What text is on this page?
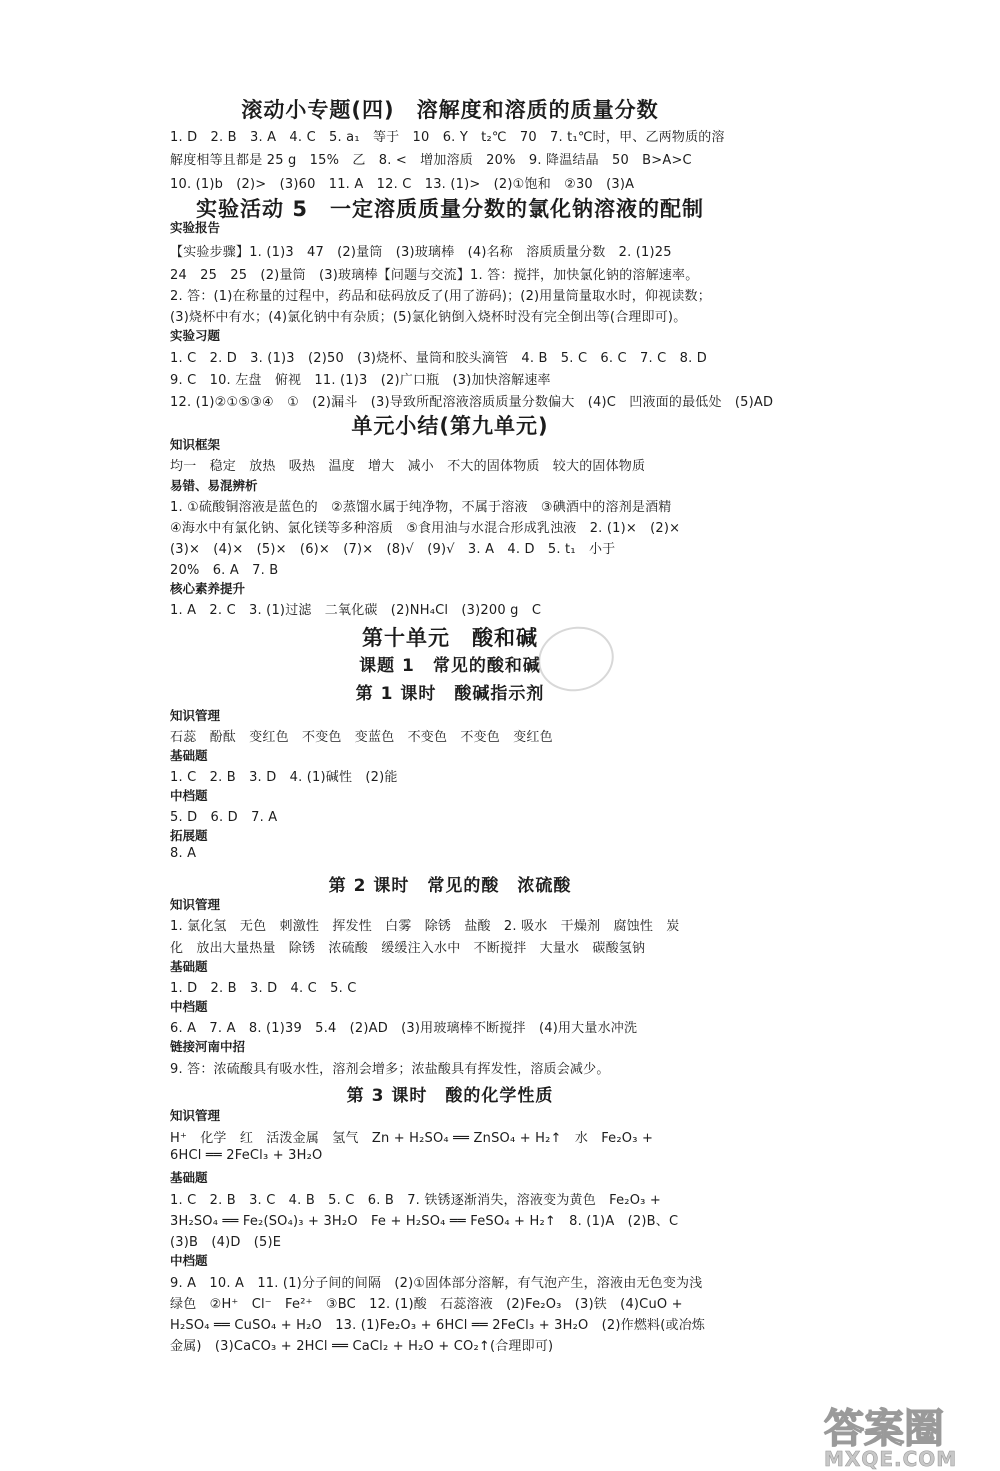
滚动小专题(四)　溶解度和溶质的质量分数
1. D　2. B　3. A　4. C　5. a₁　等于　10　6. Y　t₂℃　70　7. t₁℃时，甲、乙两物质的溶
解度相等且都是 25 g　15%　乙　8. <　增加溶质　20%　9. 降温结晶　50　B>A>C
10. (1)b　(2)>　(3)60　11. A　12. C　13. (1)>　(2)①饱和　②30　(3)A
实验活动 5　一定溶质质量分数的氯化钠溶液的配制
实验报告
【实验步骤】1. (1)3　47　(2)量筒　(3)玻璃棒　(4)名称　溶质质量分数　2. (1)25
24　25　25　(2)量筒　(3)玻璃棒【问题与交流】1. 答：搅拌，加快氯化钠的溶解速率。
2. 答：(1)在称量的过程中，药品和砝码放反了(用了游码)；(2)用量筒量取水时，仰视读数；
(3)烧杯中有水；(4)氯化钠中有杂质；(5)氯化钠倒入烧杯时没有完全倒出等(合理即可)。
实验习题
1. C　2. D　3. (1)3　(2)50　(3)烧杯、量筒和胶头滴管　4. B　5. C　6. C　7. C　8. D
9. C　10. 左盘　俯视　11. (1)3　(2)广口瓶　(3)加快溶解速率
12. (1)②①⑤③④　①　(2)漏斗　(3)导致所配溶液溶质质量分数偏大　(4)C　凹液面的最低处　(5)AD
单元小结(第九单元)
知识框架
均一　稳定　放热　吸热　温度　增大　减小　不大的固体物质　较大的固体物质
易错、易混辨析
1. ①硫酸铜溶液是蓝色的　②蒸馏水属于纯净物，不属于溶液　③碘酒中的溶剂是酒精
④海水中有氯化钠、氯化镁等多种溶质　⑤食用油与水混合形成乳浊液　2. (1)×　(2)×
(3)×　(4)×　(5)×　(6)×　(7)×　(8)√　(9)√　3. A　4. D　5. t₁　小于
20%　6. A　7. B
核心素养提升
1. A　2. C　3. (1)过滤　二氧化碳　(2)NH₄Cl　(3)200 g　C
第十单元　酸和碱
课题 1　常见的酸和碱
第 1 课时　酸碱指示剂
知识管理
石蕊　酚酞　变红色　不变色　变蓝色　不变色　不变色　变红色
基础题
1. C　2. B　3. D　4. (1)碱性　(2)能
中档题
5. D　6. D　7. A
拓展题
8. A
第 2 课时　常见的酸　浓硫酸
知识管理
1. 氯化氢　无色　刺激性　挥发性　白雾　除锈　盐酸　2. 吸水　干燥剂　腐蚀性　炭
化　放出大量热量　除锈　浓硫酸　缓缓注入水中　不断搅拌　大量水　碳酸氢钠
基础题
1. D　2. B　3. D　4. C　5. C
中档题
6. A　7. A　8. (1)39　5.4　(2)AD　(3)用玻璃棒不断搅拌　(4)用大量水冲洗
链接河南中招
9. 答：浓硫酸具有吸水性，溶剂会增多；浓盐酸具有挥发性，溶质会减少。
第 3 课时　酸的化学性质
知识管理
H⁺　化学　红　活泼金属　氢气　Zn + H₂SO₄ ══ ZnSO₄ + H₂↑　水　Fe₂O₃ +
6HCl ══ 2FeCl₃ + 3H₂O
基础题
1. C　2. B　3. C　4. B　5. C　6. B　7. 铁锈逐渐消失，溶液变为黄色　Fe₂O₃ +
3H₂SO₄ ══ Fe₂(SO₄)₃ + 3H₂O　Fe + H₂SO₄ ══ FeSO₄ + H₂↑　8. (1)A　(2)B、C
(3)B　(4)D　(5)E
中档题
9. A　10. A　11. (1)分子间的间隔　(2)①固体部分溶解，有气泡产生，溶液由无色变为浅
绿色　②H⁺　Cl⁻　Fe²⁺　③BC　12. (1)酸　石蕊溶液　(2)Fe₂O₃　(3)铁　(4)CuO +
H₂SO₄ ══ CuSO₄ + H₂O　13. (1)Fe₂O₃ + 6HCl ══ 2FeCl₃ + 3H₂O　(2)作燃料(或冶炼
金属)　(3)CaCO₃ + 2HCl ══ CaCl₂ + H₂O + CO₂↑(合理即可)
答案圈
MXQE.COM
